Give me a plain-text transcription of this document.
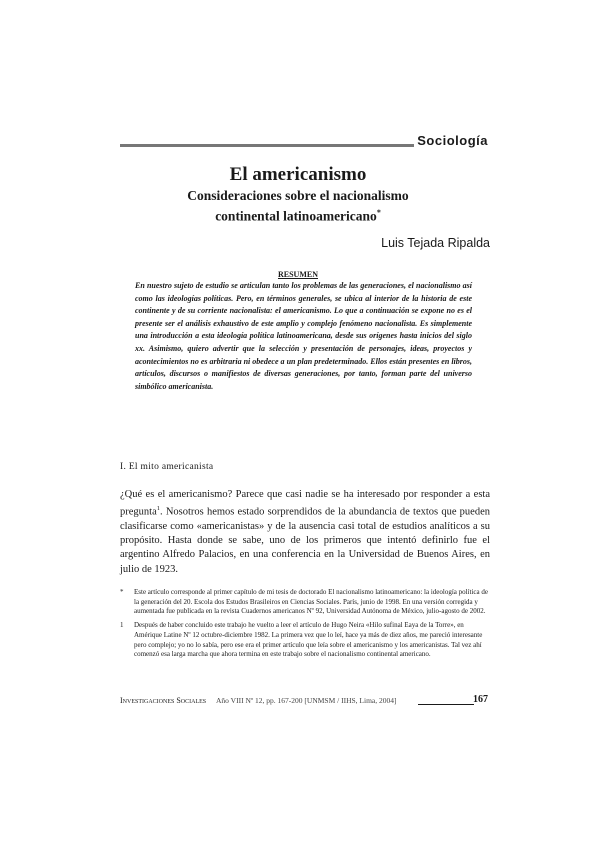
Sociología
El americanismo
Consideraciones sobre el nacionalismo
continental latinoamericano*
Luis Tejada Ripalda
RESUMEN

En nuestro sujeto de estudio se articulan tanto los problemas de las generaciones, el nacionalismo así como las ideologías políticas. Pero, en términos generales, se ubica al interior de la historia de este continente y de su corriente nacionalista: el americanismo. Lo que a continuación se expone no es el presente ser el análisis exhaustivo de este amplio y complejo fenómeno nacionalista. Es simplemente una introducción a esta ideología política latinoamericana, desde sus orígenes hasta inicios del siglo xx. Asimismo, quiero advertir que la selección y presentación de personajes, ideas, proyectos y acontecimientos no es arbitraria ni obedece a un plan predeterminado. Ellos están presentes en libros, artículos, discursos o manifiestos de diversas generaciones, por tanto, forman parte del universo simbólico americanista.

I. El mito americanista

¿Qué es el americanismo? Parece que casi nadie se ha interesado por responder a esta pregunta$^1$. Nosotros hemos estado sorprendidos de la abundancia de textos que pueden clasificarse como «americanistas» y de la ausencia casi total de estudios analíticos a su propósito. Hasta donde se sabe, uno de los primeros que intentó definirlo fue el argentino Alfredo Palacios, en una conferencia en la Universidad de Buenos Aires, en julio de 1923.

* Este artículo corresponde al primer capítulo de mi tesis de doctorado El nacionalismo latinoamericano: la ideología política de la generación del 20. Escola dos Estudos Brasileiros en Ciencias Sociales. París, junio de 1998. En una versión corregida y aumentada fue publicada en la revista Cuadernos americanos Nº 92, Universidad Autónoma de México, julio-agosto de 2002.

1 Después de haber concluido este trabajo he vuelto a leer el artículo de Hugo Neira «Hilo sufinal Eaya de la Torre», en Amérique Latine Nº 12 octubre-diciembre 1982. La primera vez que lo leí, hace ya más de diez años, me pareció interesante pero complejo; yo no lo sabía, pero ese era el primer artículo que leía sobre el americanismo y los americanistas. Tal vez ahí comenzó esa larga marcha que ahora termina en este trabajo sobre el nacionalismo continental americano.

Investigaciones Sociales Año VIII Nº 12, pp. 167-200 [UNMSM / IIHS, Lima, 2004]	167
